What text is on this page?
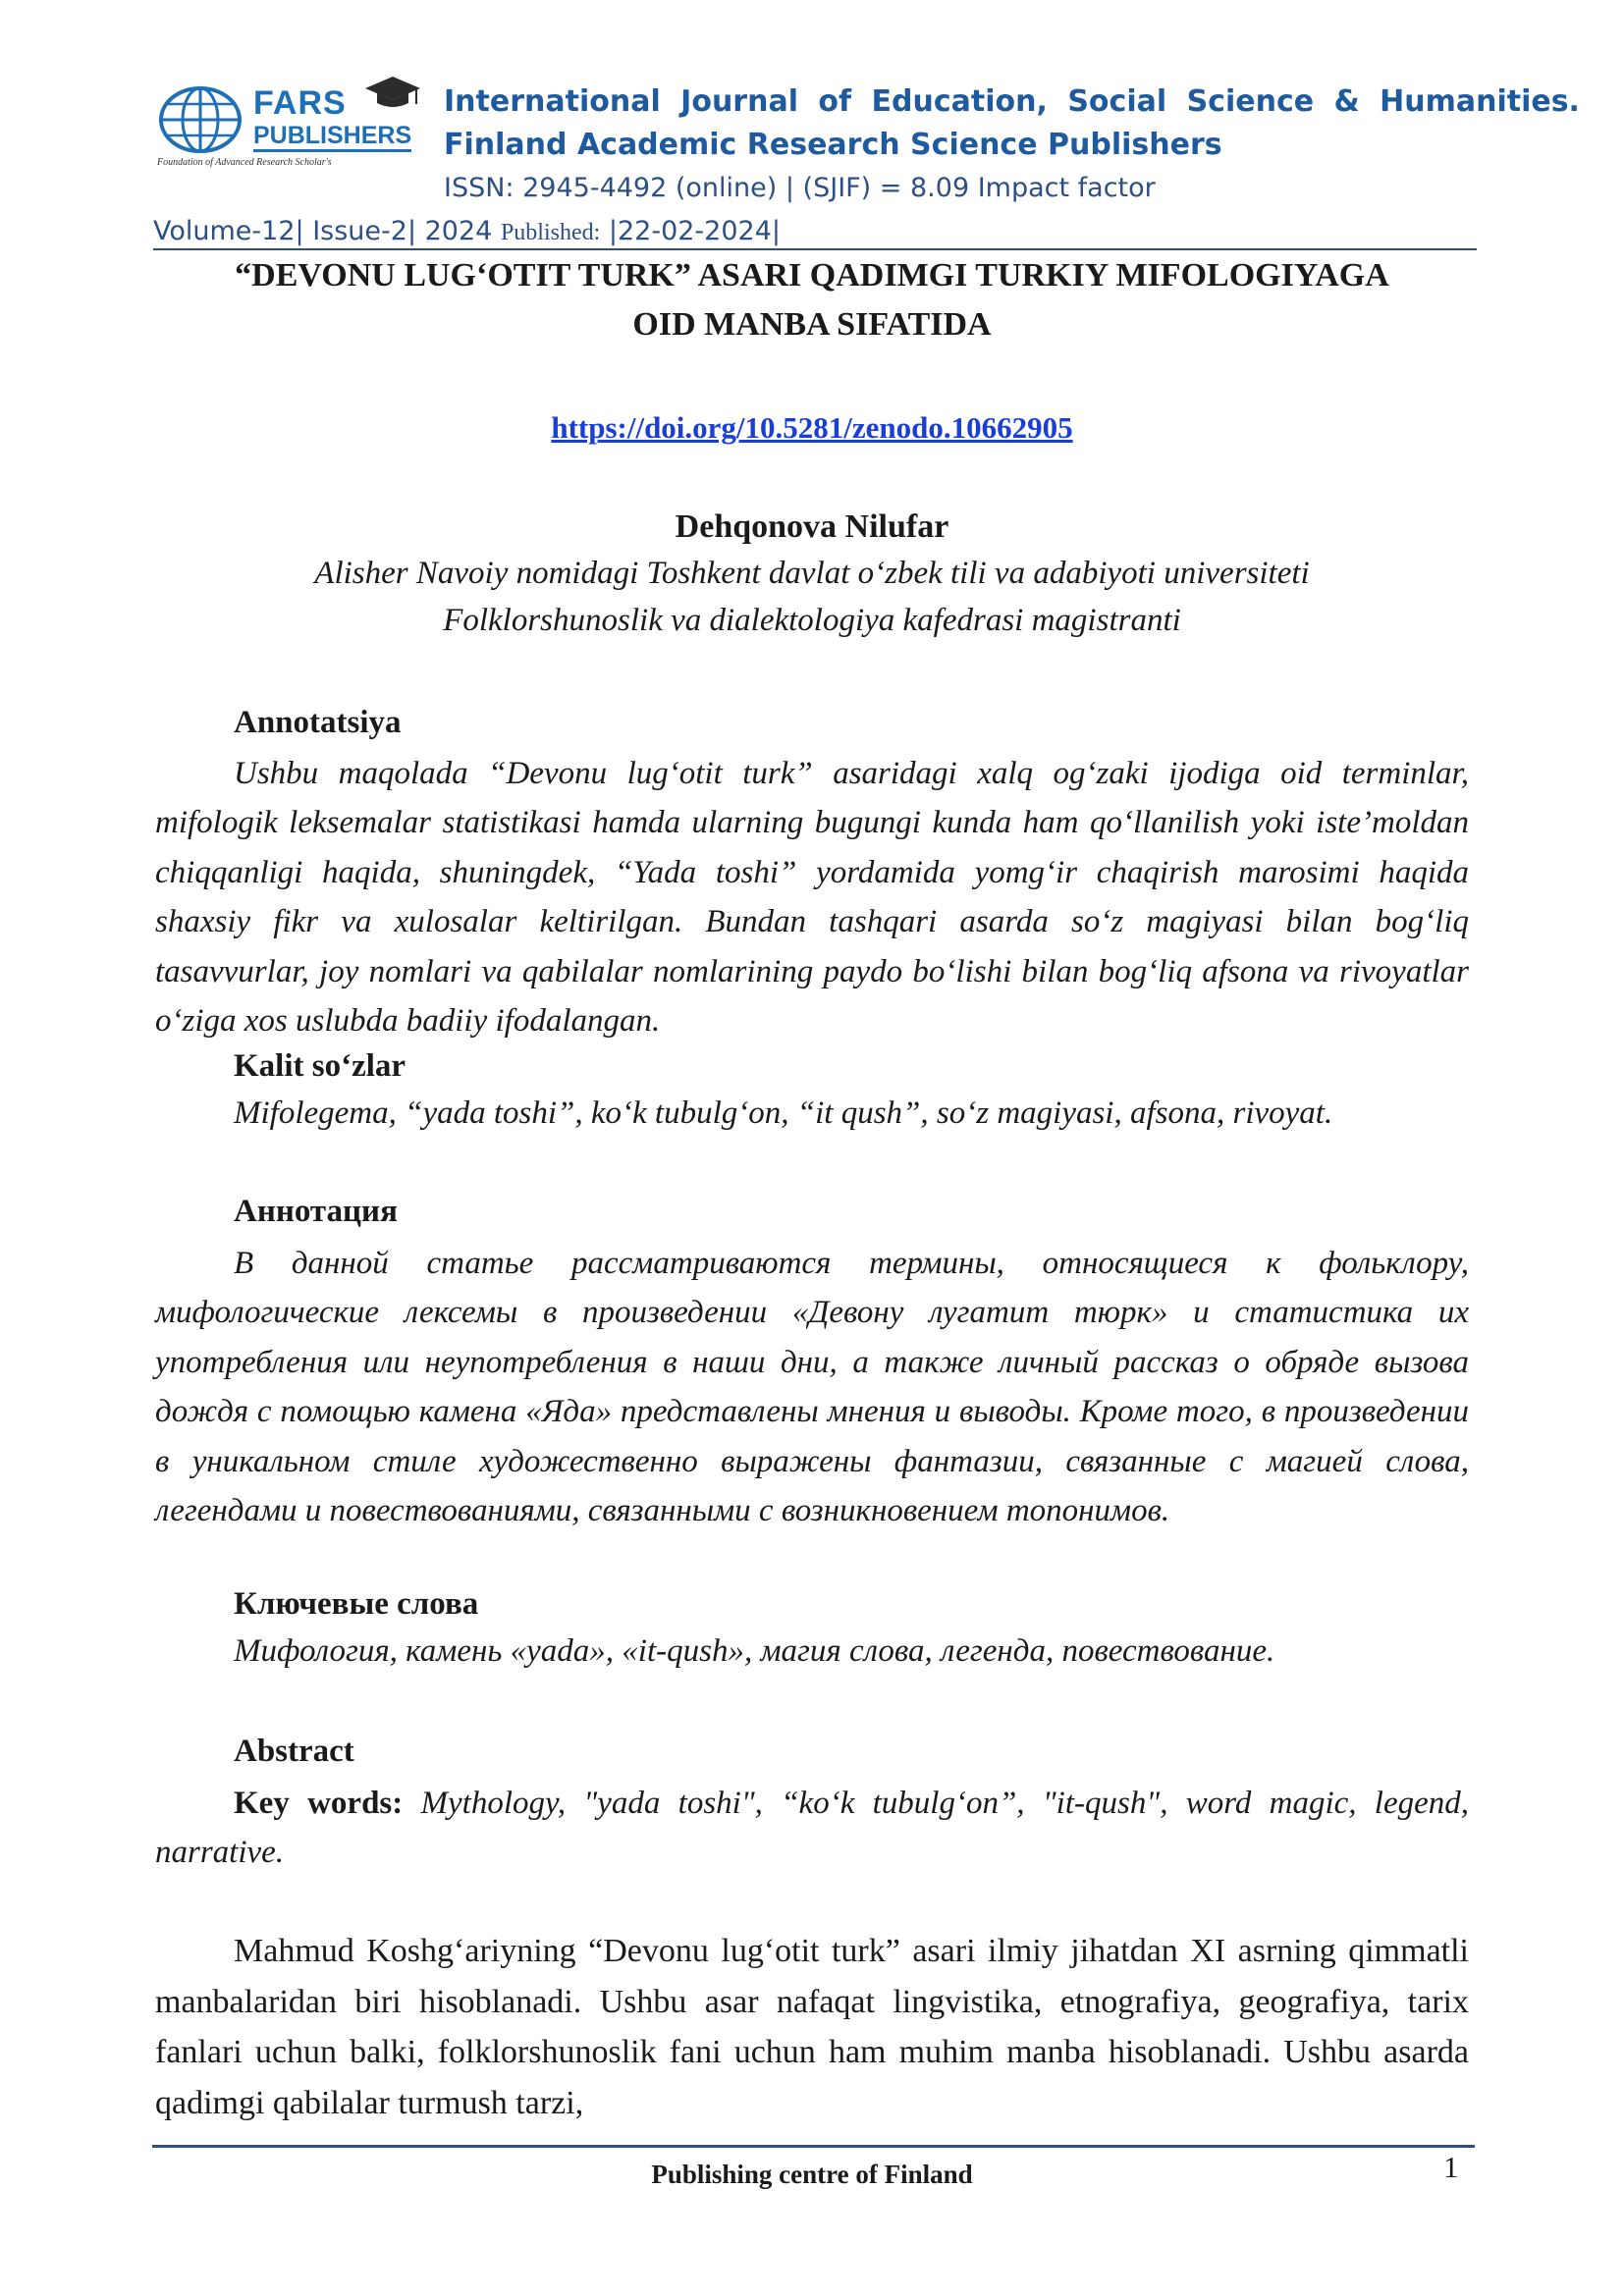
FARS
PUBLISHERS
Foundation of Advanced Research Scholar's
International Journal of Education, Social Science & Humanities.
Finland Academic Research Science Publishers
ISSN: 2945-4492 (online) | (SJIF) = 8.09 Impact factor
Volume-12| Issue-2| 2024 Published: |22-02-2024|
“DEVONU LUG‘OTIT TURK” ASARI QADIMGI TURKIY MIFOLOGIYAGA
OID MANBA SIFATIDA
https://doi.org/10.5281/zenodo.10662905
Dehqonova Nilufar
Alisher Navoiy nomidagi Toshkent davlat o‘zbek tili va adabiyoti universiteti
Folklorshunoslik va dialektologiya kafedrasi magistranti
Annotatsiya
Ushbu maqolada “Devonu lug‘otit turk” asaridagi xalq og‘zaki ijodiga oid terminlar, mifologik leksemalar statistikasi hamda ularning bugungi kunda ham qo‘llanilish yoki iste’moldan chiqqanligi haqida, shuningdek, “Yada toshi” yordamida yomg‘ir chaqirish marosimi haqida shaxsiy fikr va xulosalar keltirilgan. Bundan tashqari asarda so‘z magiyasi bilan bog‘liq tasavvurlar, joy nomlari va qabilalar nomlarining paydo bo‘lishi bilan bog‘liq afsona va rivoyatlar o‘ziga xos uslubda badiiy ifodalangan.
Kalit so‘zlar
Mifolegema, “yada toshi”, ko‘k tubulg‘on, “it qush”, so‘z magiyasi, afsona, rivoyat.
Аннотация
В данной статье рассматриваются термины, относящиеся к фольклору, мифологические лексемы в произведении «Девону лугатит тюрк» и статистика их употребления или неупотребления в наши дни, а также личный рассказ о обряде вызова дождя с помощью камена «Яда» представлены мнения и выводы. Кроме того, в произведении в уникальном стиле художественно выражены фантазии, связанные с магией слова, легендами и повествованиями, связанными с возникновением топонимов.
Ключевые слова
Мифология, камень «yada», «it-qush», магия слова, легенда, повествование.
Abstract
Key words: Mythology, "yada toshi", “ko‘k tubulg‘on”, "it-qush", word magic, legend, narrative.
Mahmud Koshg‘ariyning “Devonu lug‘otit turk” asari ilmiy jihatdan XI asrning qimmatli manbalaridan biri hisoblanadi. Ushbu asar nafaqat lingvistika, etnografiya, geografiya, tarix fanlari uchun balki, folklorshunoslik fani uchun ham muhim manba hisoblanadi. Ushbu asarda qadimgi qabilalar turmush tarzi,
Publishing centre of Finland	1
